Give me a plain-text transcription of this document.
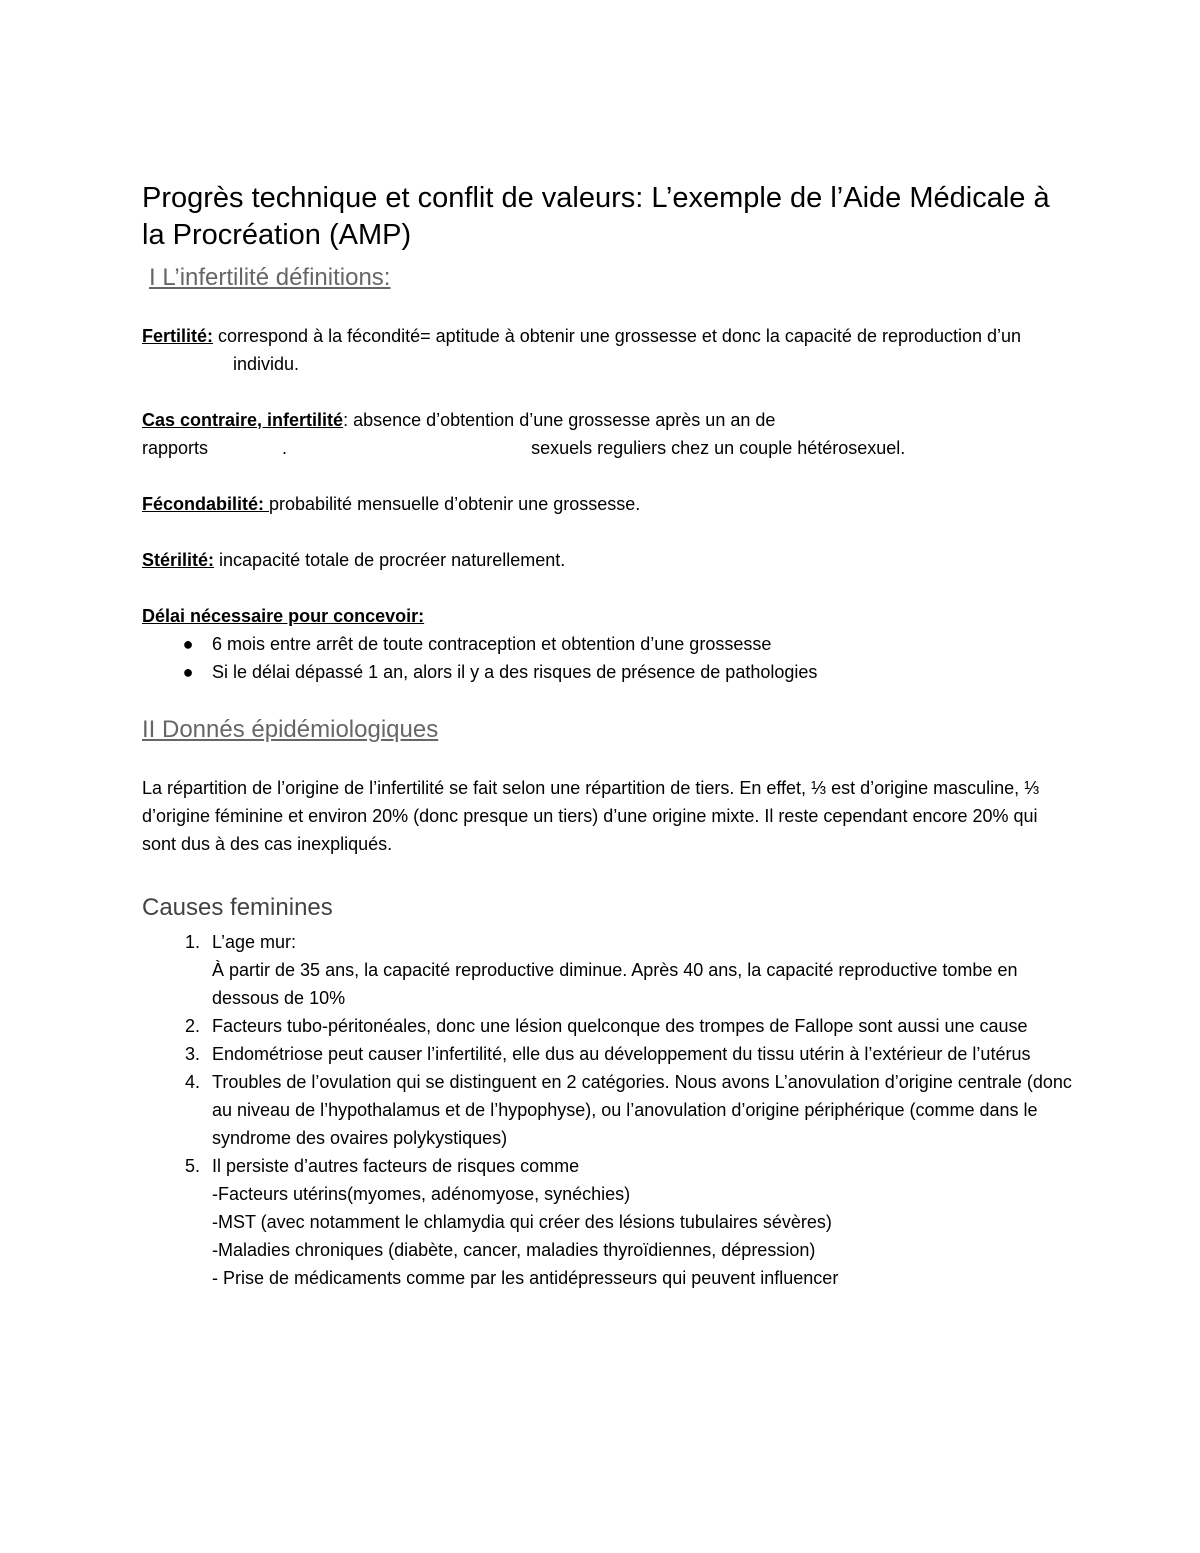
Progrès technique et conflit de valeurs: L’exemple de l’Aide Médicale à la Procréation (AMP)
I L’infertilité définitions:

Fertilité: correspond à la fécondité= aptitude à obtenir une grossesse et donc la capacité de reproduction d’un individu.

Cas contraire, infertilité: absence d’obtention d’une grossesse après un an de
rapports	.	sexuels reguliers chez un couple hétérosexuel.

Fécondabilité: probabilité mensuelle d’obtenir une grossesse.

Stérilité: incapacité totale de procréer naturellement.

Délai nécessaire pour concevoir:

● 6 mois entre arrêt de toute contraception et obtention d’une grossesse
● Si le délai dépassé 1 an, alors il y a des risques de présence de pathologies
II Donnés épidémiologiques

La répartition de l’origine de l’infertilité se fait selon une répartition de tiers. En effet, ⅓ est d’origine masculine, ⅓ d’origine féminine et environ 20% (donc presque un tiers) d’une origine mixte. Il reste cependant encore 20% qui sont dus à des cas inexpliqués.

Causes feminines
1. L’age mur:
À partir de 35 ans, la capacité reproductive diminue. Après 40 ans, la capacité reproductive tombe en dessous de 10%
2. Facteurs tubo-péritonéales, donc une lésion quelconque des trompes de Fallope sont aussi une cause
3. Endométriose peut causer l’infertilité, elle dus au développement du tissu utérin à l’extérieur de l’utérus
4. Troubles de l’ovulation qui se distinguent en 2 catégories. Nous avons L’anovulation d’origine centrale (donc au niveau de l’hypothalamus et de l’hypophyse), ou l’anovulation d’origine périphérique (comme dans le syndrome des ovaires polykystiques)
5. Il persiste d’autres facteurs de risques comme
-Facteurs utérins(myomes, adénomyose, synéchies)
-MST (avec notamment le chlamydia qui créer des lésions tubulaires sévères)
-Maladies chroniques (diabète, cancer, maladies thyroïdiennes, dépression)
- Prise de médicaments comme par les antidépresseurs qui peuvent influencer
